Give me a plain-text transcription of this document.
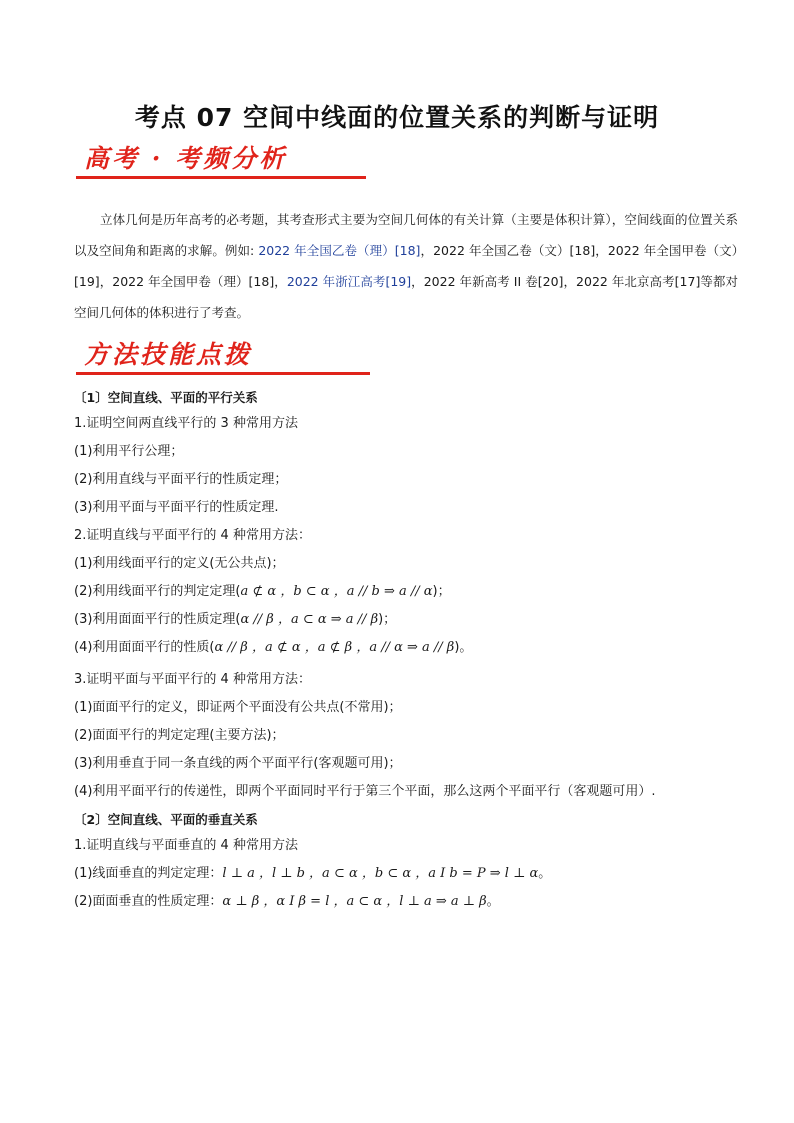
考点 07 空间中线面的位置关系的判断与证明
高考 · 考频分析
立体几何是历年高考的必考题，其考查形式主要为空间几何体的有关计算（主要是体积计算），空间线面的位置关系以及空间角和距离的求解。例如: 2022 年全国乙卷（理）[18]，2022 年全国乙卷（文）[18]，2022 年全国甲卷（文）[19]，2022 年全国甲卷（理）[18]，2022 年浙江高考[19]，2022 年新高考 II 卷[20]，2022 年北京高考[17]等都对空间几何体的体积进行了考查。
方法技能点拨
〔1〕空间直线、平面的平行关系
1.证明空间两直线平行的 3 种常用方法
(1)利用平行公理；
(2)利用直线与平面平行的性质定理；
(3)利用平面与平面平行的性质定理.
2.证明直线与平面平行的 4 种常用方法：
(1)利用线面平行的定义(无公共点)；
(2)利用线面平行的判定定理(a ⊄ α ，b ⊂ α ，a // b ⇒ a // α)；
(3)利用面面平行的性质定理(α // β ，a ⊂ α ⇒ a // β)；
(4)利用面面平行的性质(α // β ，a ⊄ α ，a ⊄ β ，a // α ⇒ a // β)。
3.证明平面与平面平行的 4 种常用方法：
(1)面面平行的定义，即证两个平面没有公共点(不常用)；
(2)面面平行的判定定理(主要方法)；
(3)利用垂直于同一条直线的两个平面平行(客观题可用)；
(4)利用平面平行的传递性，即两个平面同时平行于第三个平面，那么这两个平面平行（客观题可用）.
〔2〕空间直线、平面的垂直关系
1.证明直线与平面垂直的 4 种常用方法
(1)线面垂直的判定定理：l ⊥ a ，l ⊥ b ，a ⊂ α ，b ⊂ α ，a I b = P ⇒ l ⊥ α。
(2)面面垂直的性质定理：α ⊥ β ，α I β = l ，a ⊂ α ，l ⊥ a ⇒ a ⊥ β。
